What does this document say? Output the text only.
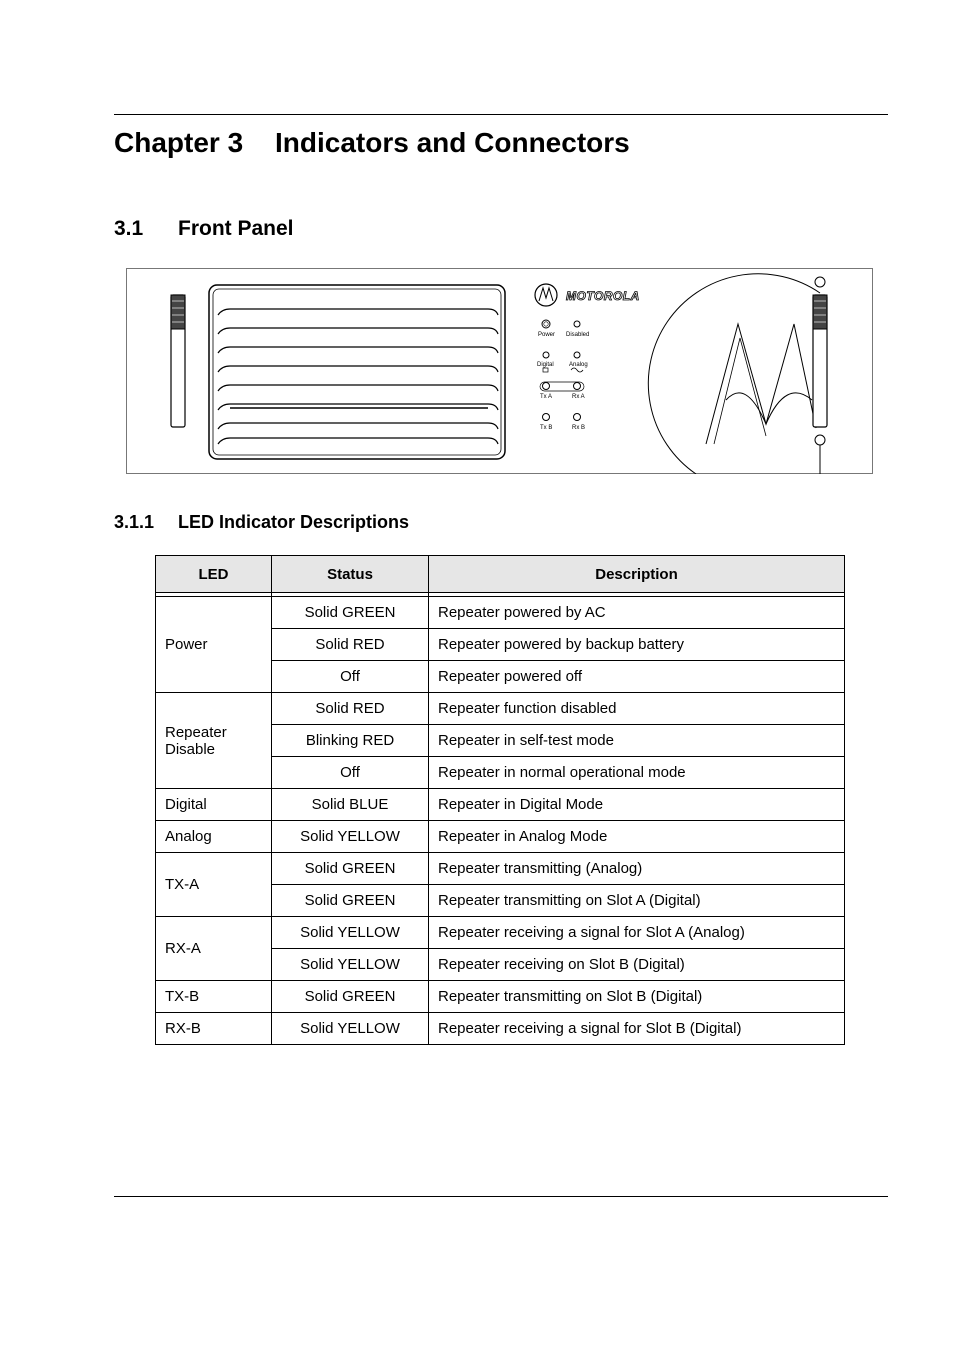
Chapter 3 Indicators and Connectors
3.1 Front Panel
MOTOROLA
Power Disabled
Digital	Analog
Tx A	Rx A
Tx B	Rx B
3.1.1 LED Indicator Descriptions
LED	Status	Description

Power	Solid GREEN	Repeater powered by AC
	Solid RED	Repeater powered by backup battery
	Off	Repeater powered off
Repeater
Disable	Solid RED	Repeater function disabled
	Blinking RED	Repeater in self-test mode
	Off	Repeater in normal operational mode
Digital	Solid BLUE	Repeater in Digital Mode
Analog	Solid YELLOW	Repeater in Analog Mode
TX-A	Solid GREEN	Repeater transmitting (Analog)
	Solid GREEN	Repeater transmitting on Slot A (Digital)
RX-A	Solid YELLOW	Repeater receiving a signal for Slot A (Analog)
	Solid YELLOW	Repeater receiving on Slot B (Digital)
TX-B	Solid GREEN	Repeater transmitting on Slot B (Digital)
RX-B	Solid YELLOW	Repeater receiving a signal for Slot B (Digital)
